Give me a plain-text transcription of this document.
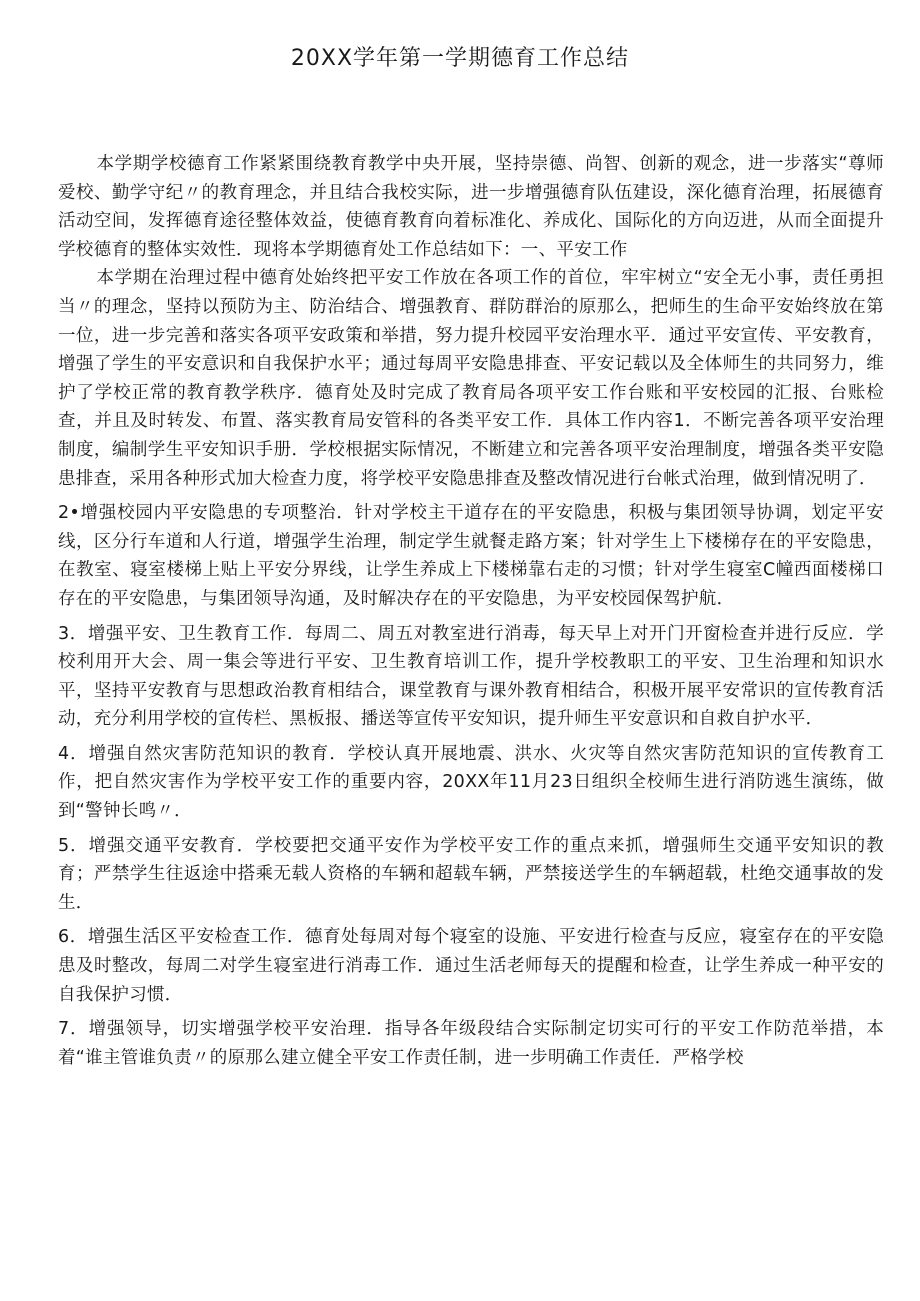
20XX学年第一学期德育工作总结

本学期学校德育工作紧紧围绕教育教学中央开展，坚持崇德、尚智、创新的观念，进一步落实“尊师爱校、勤学守纪〃的教育理念，并且结合我校实际，进一步增强德育队伍建设，深化德育治理，拓展德育活动空间，发挥德育途径整体效益，使德育教育向着标准化、养成化、国际化的方向迈进，从而全面提升学校德育的整体实效性．现将本学期德育处工作总结如下：一、平安工作

本学期在治理过程中德育处始终把平安工作放在各项工作的首位，牢牢树立“安全无小事，责任勇担当〃的理念，坚持以预防为主、防治结合、增强教育、群防群治的原那么，把师生的生命平安始终放在第一位，进一步完善和落实各项平安政策和举措，努力提升校园平安治理水平．通过平安宣传、平安教育，增强了学生的平安意识和自我保护水平；通过每周平安隐患排查、平安记载以及全体师生的共同努力，维护了学校正常的教育教学秩序．德育处及时完成了教育局各项平安工作台账和平安校园的汇报、台账检查，并且及时转发、布置、落实教育局安管科的各类平安工作．具体工作内容1．不断完善各项平安治理制度，编制学生平安知识手册．学校根据实际情况，不断建立和完善各项平安治理制度，增强各类平安隐患排查，采用各种形式加大检查力度，将学校平安隐患排查及整改情况进行台帐式治理，做到情况明了．

2•增强校园内平安隐患的专项整治．针对学校主干道存在的平安隐患，积极与集团领导协调，划定平安线，区分行车道和人行道，增强学生治理，制定学生就餐走路方案；针对学生上下楼梯存在的平安隐患，在教室、寝室楼梯上贴上平安分界线，让学生养成上下楼梯靠右走的习惯；针对学生寝室C幢西面楼梯口存在的平安隐患，与集团领导沟通，及时解决存在的平安隐患，为平安校园保驾护航．

3．增强平安、卫生教育工作．每周二、周五对教室进行消毒，每天早上对开门开窗检查并进行反应．学校利用开大会、周一集会等进行平安、卫生教育培训工作，提升学校教职工的平安、卫生治理和知识水平，坚持平安教育与思想政治教育相结合，课堂教育与课外教育相结合，积极开展平安常识的宣传教育活动，充分利用学校的宣传栏、黑板报、播送等宣传平安知识，提升师生平安意识和自救自护水平．

4．增强自然灾害防范知识的教育．学校认真开展地震、洪水、火灾等自然灾害防范知识的宣传教育工作，把自然灾害作为学校平安工作的重要内容，20XX年11月23日组织全校师生进行消防逃生演练，做到“警钟长鸣〃．

5．增强交通平安教育．学校要把交通平安作为学校平安工作的重点来抓，增强师生交通平安知识的教育；严禁学生往返途中搭乘无载人资格的车辆和超载车辆，严禁接送学生的车辆超载，杜绝交通事故的发生．

6．增强生活区平安检查工作．德育处每周对每个寝室的设施、平安进行检查与反应，寝室存在的平安隐患及时整改，每周二对学生寝室进行消毒工作．通过生活老师每天的提醒和检查，让学生养成一种平安的自我保护习惯．

7．增强领导，切实增强学校平安治理．指导各年级段结合实际制定切实可行的平安工作防范举措，本着“谁主管谁负责〃的原那么建立健全平安工作责任制，进一步明确工作责任．严格学校
